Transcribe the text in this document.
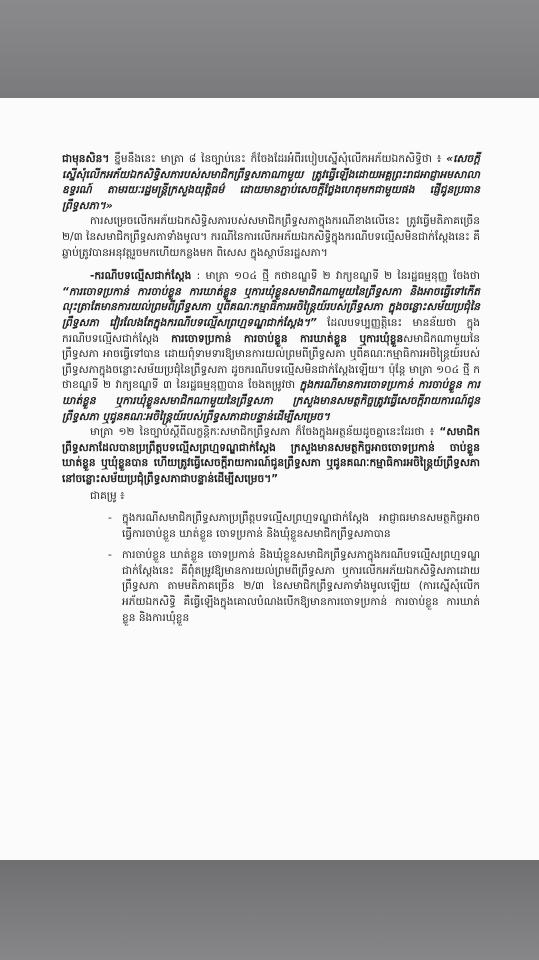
ជាមុនសិន។ ខ្នឹមនឹងនេះ មាត្រា ៨ នៃច្បាប់នេះ ក៏ចែងដែរអំពីរបៀបស្នើសុំលើកអភ័យឯកសិទ្ធិថា ៖ «សេចក្តីស្នើសុំលើកអភ័យឯកសិទ្ធិសភារបស់សមាជិកព្រឹទ្ធសភាណាមួយ ត្រូវធ្វើឡើងដោយអគ្គព្រះរាជអាជ្ញាអមសាលាឧទ្ធរណ៍ តាមរយៈរដ្ឋមន្ត្រីក្រសួងយុត្តិធម៌ ដោយមានភ្ជាប់សេចក្តីថ្លែងហេតុមកជាមួយផង ផ្ញើជូនប្រធានព្រឹទ្ធសភា។»

ការសម្រេចលើកអភ័យឯកសិទ្ធិសភារបស់សមាជិកព្រឹទ្ធសភាក្នុងករណីខាងលើនេះ ត្រូវធ្វើមតិភាគច្រើន ២/៣ នៃសមាជិកព្រឹទ្ធសភាទាំងមូល។ ករណីនៃការលើកអភ័យឯកសិទ្ធិក្នុងករណីបទល្មើសមិនជាក់ស្តែងនេះ គឺឆ្លាប់ត្រូវបានអនុវត្តរួចមកហើយកន្លងមក ពិសេស ក្នុងស្ថាប័នរដ្ឋសភា។

-ករណីបទល្មើសជាក់ស្តែង : មាត្រា ១០៤ ថ្មី ក​ថាខណ្ឌទី ២ វាក្យខណ្ឌទី ២ នៃរដ្ឋធម្មនុញ្ញ ចែងថា “ការចោទប្រកាន់ ការចាប់ខ្លួន ការឃាត់ខ្លួន ឬការឃុំខ្លួនសមាជិកណាមួយនៃព្រឹទ្ធសភា និងអាចធ្វើទៅកើត លុះត្រាតែមានការយល់ព្រមពីព្រឹទ្ធសភា ឬពីគណៈកម្មាធិការអចិន្ត្រៃយ៍របស់ព្រឹទ្ធសភា ក្នុងចន្លោះសម័យប្រជុំនៃព្រឹទ្ធសភា វៀរលែងតែក្នុងករណីបទល្មើសព្រហ្មទណ្ឌជាក់ស្តែង។” ដែលបទប្បញ្ញត្តិនេះ មានន័យថា ក្នុងករណីបទល្មើសជាក់ស្តែង ការចោទប្រកាន់ ការចាប់ខ្លួន ការឃាត់ខ្លួន ឬការឃុំខ្លួនសមាជិកណាមួយនៃព្រឹទ្ធសភា អាចធ្វើទៅបាន ដោយពុំទាមទារឱ្យមានការយល់ព្រមពីព្រឹទ្ធសភា ឬពីគណៈកម្មាធិការអចិន្ត្រៃយ៍របស់ព្រឹទ្ធសភាក្នុងចន្លោះសម័យប្រជុំនៃព្រឹទ្ធសភា ដូចករណីបទល្មើសមិនជាក់ស្តែងឡើយ។ ប៉ុន្តែ មាត្រា ១០៤ ថ្មី ក​ថាខណ្ឌទី ២ វាក្យខណ្ឌទី ៣ នៃរដ្ឋធម្មនុញ្ញបាន ចែងតម្រូវថា ក្នុងករណីមានការចោទប្រកាន់ ការចាប់ខ្លួន ការឃាត់ខ្លួន ឬការឃុំខ្លួនសមាជិកណាមួយនៃព្រឹទ្ធសភា ក្រសួងមានសមត្ថកិច្ចត្រូវធ្វើសេចក្តីរាយការណ៍ជូនព្រឹទ្ធសភា ឬជូនគណៈអចិន្ត្រៃយ៍របស់ព្រឹទ្ធសភាជាបន្ទាន់ដើម្បីសម្រេច។

មាត្រា ១២ នៃច្បាប់ស្តីពីលក្ខន្តិកៈសមាជិកព្រឹទ្ធសភា ក៏ចែងក្នុងអត្ថន័យដូចគ្នានេះដែរថា ៖ “សមាជិកព្រឹទ្ធសភាដែលបានប្រព្រឹត្តបទល្មើសព្រហ្មទណ្ឌជាក់ស្តែង ក្រសួងមានសមត្ថកិច្ចអាចចោទប្រកាន់ ចាប់ខ្លួន ឃាត់ខ្លួន ឬឃុំខ្លួនបាន ហើយត្រូវធ្វើសេចក្តីរាយការណ៍ជូនព្រឹទ្ធសភា ឬជូនគណៈកម្មាធិការអចិន្ត្រៃយ៍ព្រឹទ្ធសភា នៅចន្លោះសម័យប្រជុំព្រឹទ្ធសភាជាបន្ទាន់ដើម្បីសម្រេច។”

ជាគម្រូ ៖

- ក្នុងករណីសមាជិកព្រឹទ្ធសភាប្រព្រឹត្តបទល្មើសព្រហ្មទណ្ឌជាក់ស្តែង អាជ្ញាធរមានសមត្ថកិច្ចអាចធ្វើការចាប់ខ្លួន ឃាត់ខ្លួន ចោទប្រកាន់ និងឃុំខ្លួនសមាជិកព្រឹទ្ធសភាបាន
- ការចាប់ខ្លួន ឃាត់ខ្លួន ចោទប្រកាន់ និងឃុំខ្លួនសមាជិកព្រឹទ្ធសភាក្នុងករណីបទល្មើសព្រហ្មទណ្ឌជាក់ស្តែងនេះ គឺពុំតម្រូវឱ្យមានការយល់ព្រមពីព្រឹទ្ធសភា ឬការលើកអភ័យឯកសិទ្ធិសភាដោយព្រឹទ្ធសភា តាមមតិភាគច្រើន ២/៣ នៃសមាជិកព្រឹទ្ធសភាទាំងមូលឡើយ (ការស្នើសុំលើកអភ័យឯកសិទ្ធិ គឺធ្វើឡើងក្នុងគោលបំណងបើកឱ្យមានការចោទប្រកាន់ ការចាប់ខ្លួន ការឃាត់ខ្លួន និងការឃុំខ្លួន
